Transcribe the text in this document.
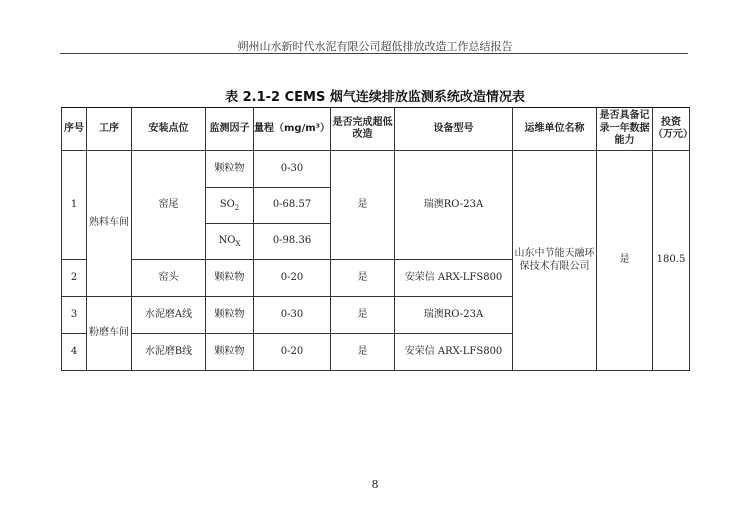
朔州山水新时代水泥有限公司超低排放改造工作总结报告
表 2.1-2 CEMS 烟气连续排放监测系统改造情况表
序号	工序	安装点位	监测因子	量程（mg/m³）	是否完成超低改造	设备型号	运维单位名称	是否具备记录一年数据能力	投资（万元）
1	熟料车间	窑尾	颗粒物	0-30	是	瑞澳RO-23A	山东中节能天融环保技术有限公司	是	180.5
			$SO_2$	0-68.57					
			$NO_X$	0-98.36					
2		窑头	颗粒物	0-20	是	安荣信 ARX-LFS800			
3	粉磨车间	水泥磨A线	颗粒物	0-30	是	瑞澳RO-23A			
4		水泥磨B线	颗粒物	0-20	是	安荣信 ARX-LFS800			
8
